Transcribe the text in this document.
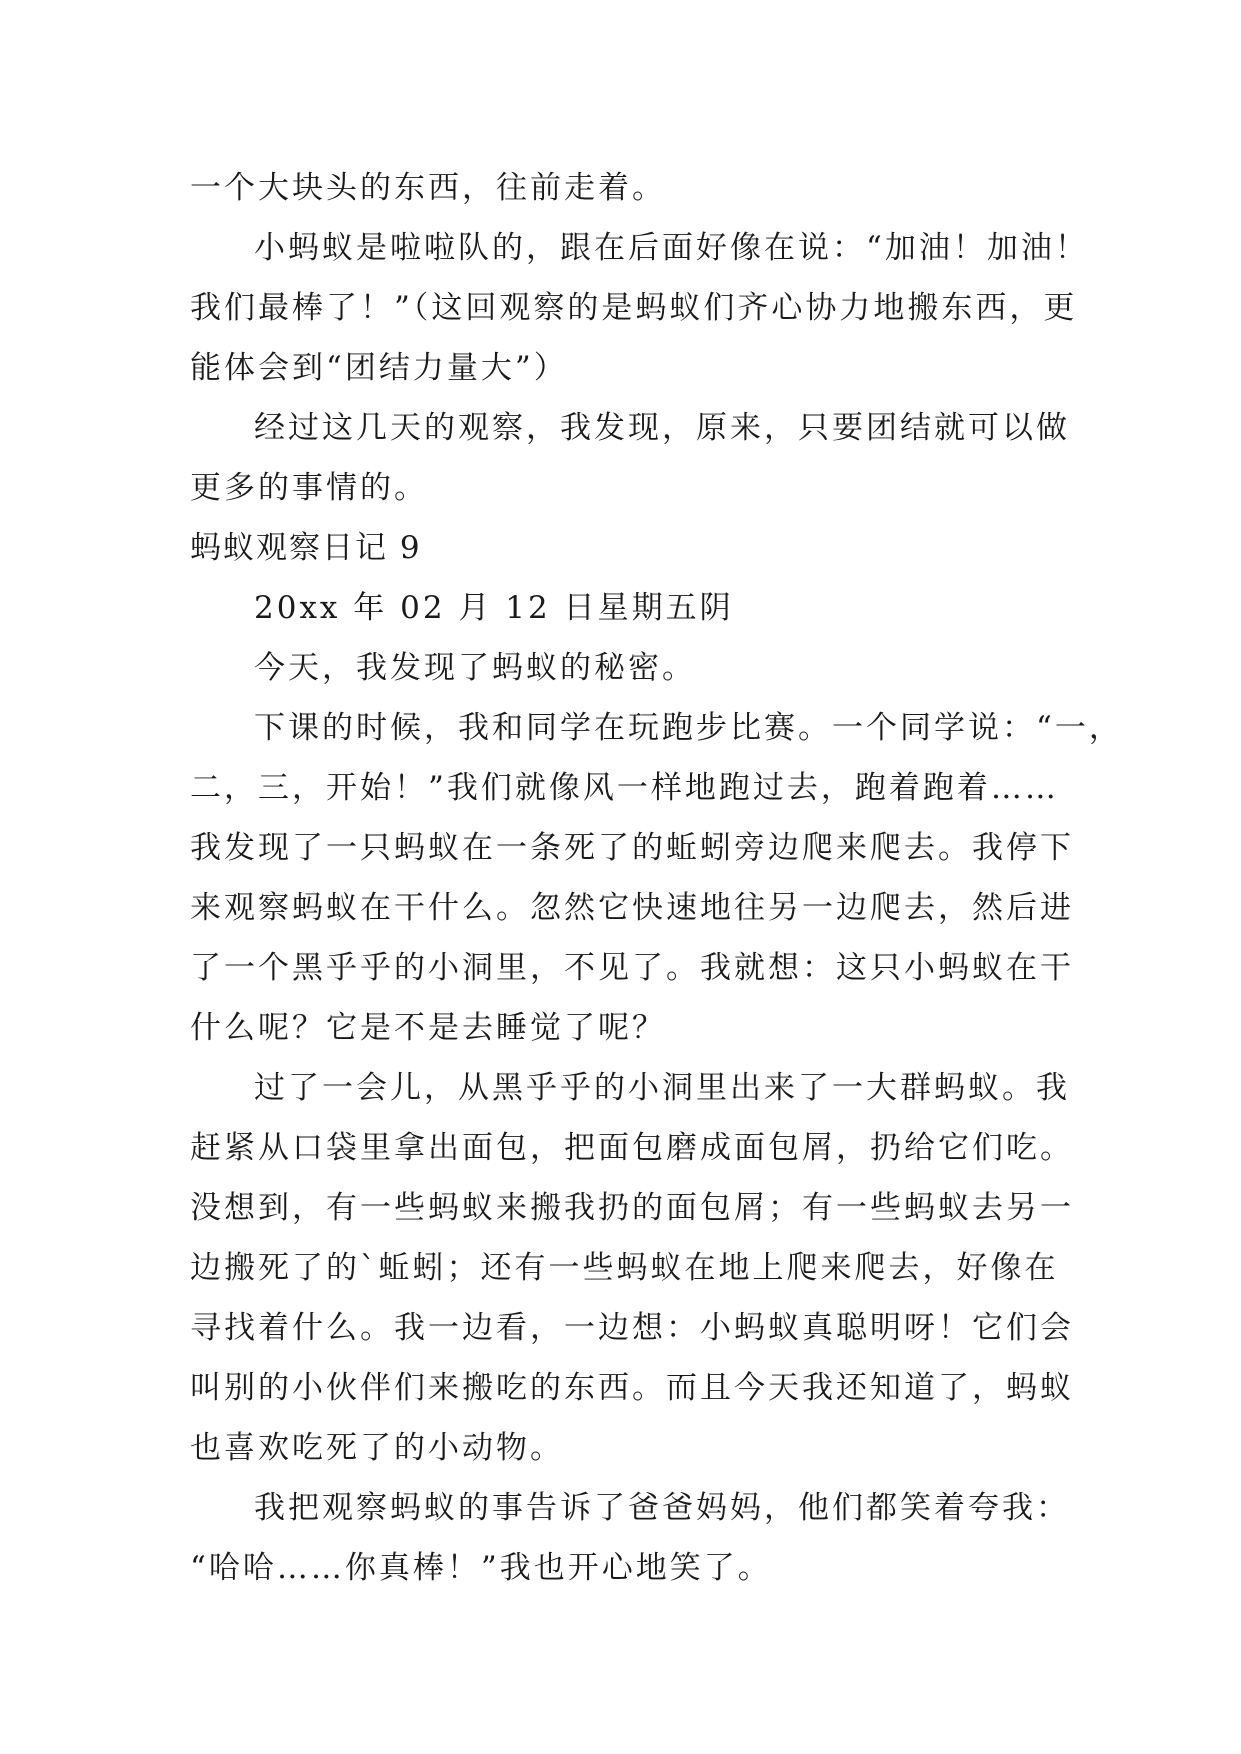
一个大块头的东西，往前走着。
小蚂蚁是啦啦队的，跟在后面好像在说：“加油！加油！
我们最棒了！”（这回观察的是蚂蚁们齐心协力地搬东西，更
能体会到“团结力量大”）
经过这几天的观察，我发现，原来，只要团结就可以做
更多的事情的。
蚂蚁观察日记 9
20xx 年 02 月 12 日星期五阴
今天，我发现了蚂蚁的秘密。
下课的时候，我和同学在玩跑步比赛。一个同学说：“一，
二，三，开始！”我们就像风一样地跑过去，跑着跑着……
我发现了一只蚂蚁在一条死了的蚯蚓旁边爬来爬去。我停下
来观察蚂蚁在干什么。忽然它快速地往另一边爬去，然后进
了一个黑乎乎的小洞里，不见了。我就想：这只小蚂蚁在干
什么呢？它是不是去睡觉了呢？
过了一会儿，从黑乎乎的小洞里出来了一大群蚂蚁。我
赶紧从口袋里拿出面包，把面包磨成面包屑，扔给它们吃。
没想到，有一些蚂蚁来搬我扔的面包屑；有一些蚂蚁去另一
边搬死了的`蚯蚓；还有一些蚂蚁在地上爬来爬去，好像在
寻找着什么。我一边看，一边想：小蚂蚁真聪明呀！它们会
叫别的小伙伴们来搬吃的东西。而且今天我还知道了，蚂蚁
也喜欢吃死了的小动物。
我把观察蚂蚁的事告诉了爸爸妈妈，他们都笑着夸我：
“哈哈……你真棒！”我也开心地笑了。
